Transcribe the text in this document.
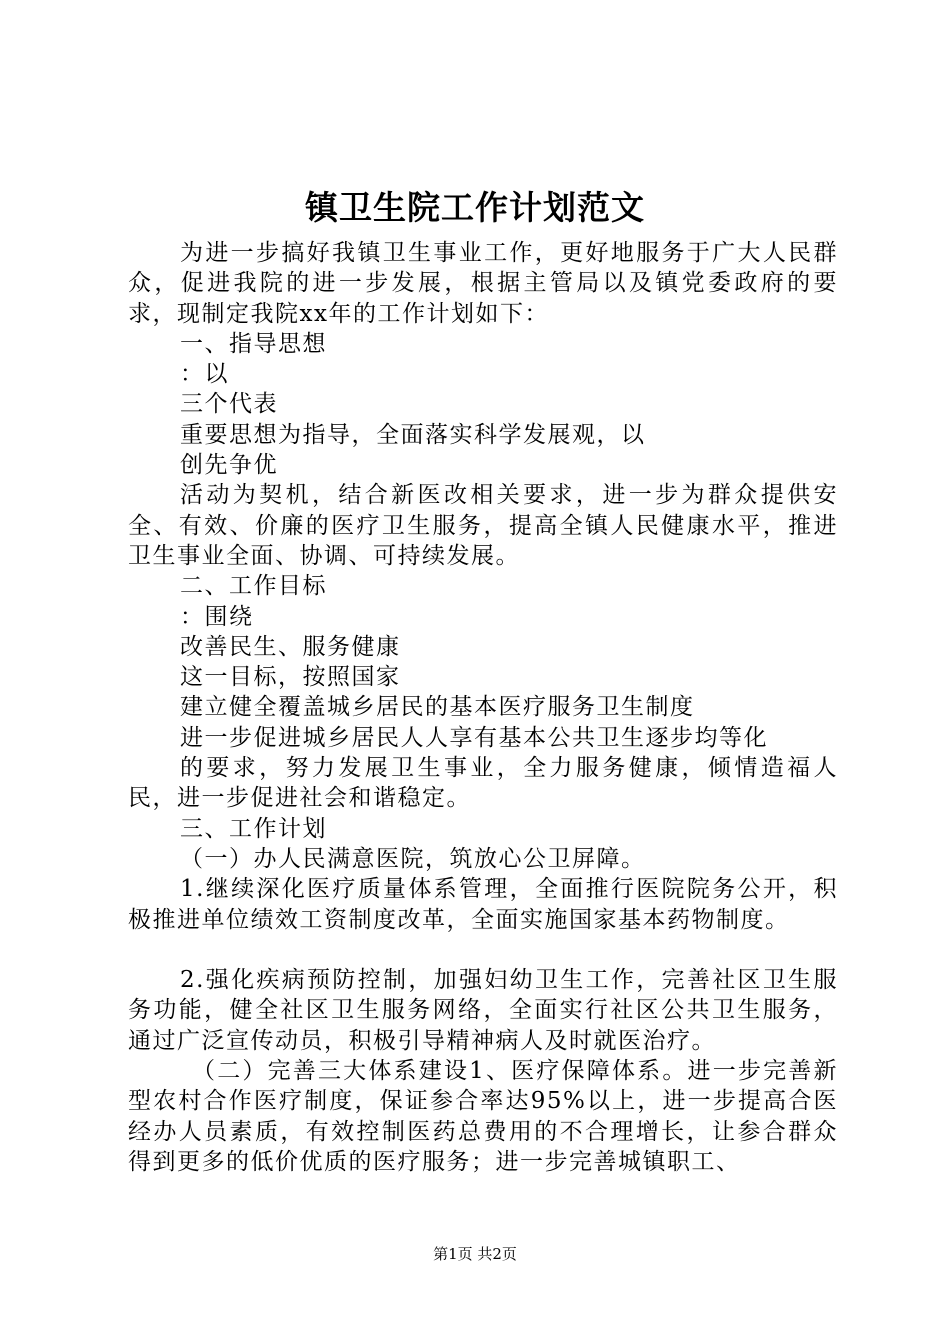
镇卫生院工作计划范文

为进一步搞好我镇卫生事业工作，更好地服务于广大人民群众，促进我院的进一步发展，根据主管局以及镇党委政府的要求，现制定我院xx年的工作计划如下：

一、指导思想

：以

三个代表

重要思想为指导，全面落实科学发展观，以

创先争优

活动为契机，结合新医改相关要求，进一步为群众提供安全、有效、价廉的医疗卫生服务，提高全镇人民健康水平，推进卫生事业全面、协调、可持续发展。

二、工作目标

：围绕

改善民生、服务健康

这一目标，按照国家

建立健全覆盖城乡居民的基本医疗服务卫生制度

进一步促进城乡居民人人享有基本公共卫生逐步均等化

的要求，努力发展卫生事业，全力服务健康，倾情造福人民，进一步促进社会和谐稳定。

三、工作计划

（一）办人民满意医院，筑放心公卫屏障。

1.继续深化医疗质量体系管理，全面推行医院院务公开，积极推进单位绩效工资制度改革，全面实施国家基本药物制度。

2.强化疾病预防控制，加强妇幼卫生工作，完善社区卫生服务功能，健全社区卫生服务网络，全面实行社区公共卫生服务，通过广泛宣传动员，积极引导精神病人及时就医治疗。

（二）完善三大体系建设1、医疗保障体系。进一步完善新型农村合作医疗制度，保证参合率达95%以上，进一步提高合医经办人员素质，有效控制医药总费用的不合理增长，让参合群众得到更多的低价优质的医疗服务；进一步完善城镇职工、

第1页 共2页
